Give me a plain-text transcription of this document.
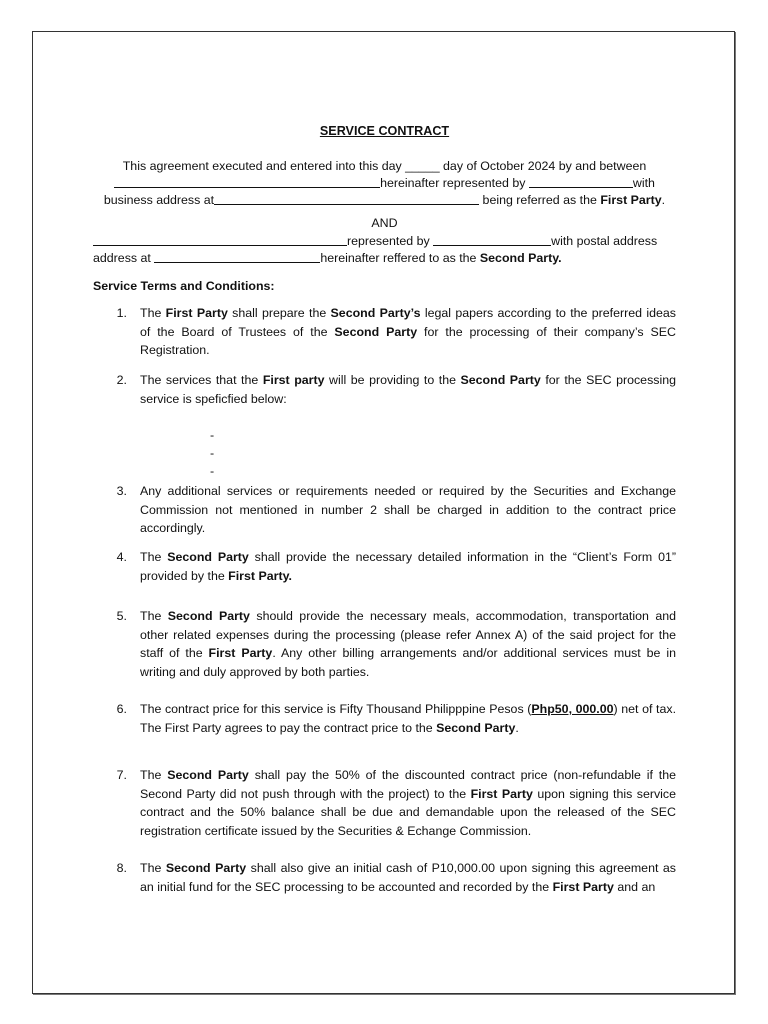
SERVICE CONTRACT
This agreement executed and entered into this day _____ day of October 2024 by and between
hereinafter represented by	with
business address at	being referred as the First Party.
AND
represented by	with postal address
address at	hereinafter reffered to as the Second Party.
Service Terms and Conditions:
1. The First Party shall prepare the Second Party’s legal papers according to the preferred ideas of the Board of Trustees of the Second Party for the processing of their company’s SEC Registration.
2. The services that the First party will be providing to the Second Party for the SEC processing service is speficfied below:
-
-
-
3. Any additional services or requirements needed or required by the Securities and Exchange Commission not mentioned in number 2 shall be charged in addition to the contract price accordingly.
4. The Second Party shall provide the necessary detailed information in the “Client’s Form 01” provided by the First Party.
5. The Second Party should provide the necessary meals, accommodation, transportation and other related expenses during the processing (please refer Annex A) of the said project for the staff of the First Party. Any other billing arrangements and/or additional services must be in writing and duly approved by both parties.
6. The contract price for this service is Fifty Thousand Philipppine Pesos (Php50, 000.00) net of tax. The First Party agrees to pay the contract price to the Second Party.
7. The Second Party shall pay the 50% of the discounted contract price (non-refundable if the Second Party did not push through with the project) to the First Party upon signing this service contract and the 50% balance shall be due and demandable upon the released of the SEC registration certificate issued by the Securities & Echange Commission.
8. The Second Party shall also give an initial cash of P10,000.00 upon signing this agreement as an initial fund for the SEC processing to be accounted and recorded by the First Party and an
